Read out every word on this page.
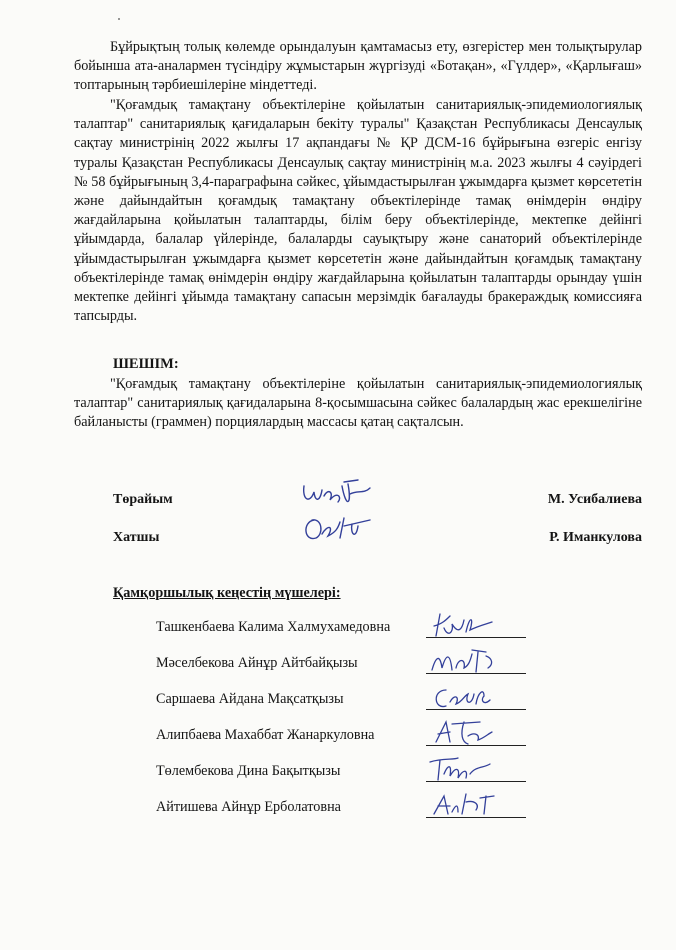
Бұйрықтың толық көлемде орындалуын қамтамасыз ету, өзгерістер мен толықтырулар бойынша ата-аналармен түсіндіру жұмыстарын жүргізуді «Ботақан», «Гүлдер», «Қарлығаш» топтарының тәрбиешілеріне міндеттеді.

"Қоғамдық тамақтану объектілеріне қойылатын санитариялық-эпидемиологиялық талаптар" санитариялық қағидаларын бекіту туралы" Қазақстан Республикасы Денсаулық сақтау министрінің 2022 жылғы 17 ақпандағы № ҚР ДСМ-16 бұйрығына өзгеріс енгізу туралы Қазақстан Республикасы Денсаулық сақтау министрінің м.а. 2023 жылғы 4 сәуірдегі № 58 бұйрығының 3,4-параграфына сәйкес, ұйымдастырылған ұжымдарға қызмет көрсететін және дайындайтын қоғамдық тамақтану объектілерінде тамақ өнімдерін өндіру жағдайларына қойылатын талаптарды, білім беру объектілерінде, мектепке дейінгі ұйымдарда, балалар үйлерінде, балаларды сауықтыру және санаторий объектілерінде ұйымдастырылған ұжымдарға қызмет көрсететін және дайындайтын қоғамдық тамақтану объектілерінде тамақ өнімдерін өндіру жағдайларына қойылатын талаптарды орындау үшін мектепке дейінгі ұйымда тамақтану сапасын мерзімдік бағалауды бракераждық комиссияға тапсырды.

ШЕШІМ:

"Қоғамдық тамақтану объектілеріне қойылатын санитариялық-эпидемиологиялық талаптар" санитариялық қағидаларына 8-қосымшасына сәйкес балалардың жас ерекшелігіне байланысты (граммен) порциялардың массасы қатаң сақталсын.

Төрайым	М. Усибалиева
Хатшы	Р. Иманкулова
Қамқоршылық кеңестің мүшелері:
Ташкенбаева Калима Халмухамедовна
Мәселбекова Айнұр Айтбайқызы
Саршаева Айдана Мақсатқызы
Алипбаева Махаббат Жанаркуловна
Төлембекова Дина Бақытқызы
Айтишева Айнұр Ерболатовна
